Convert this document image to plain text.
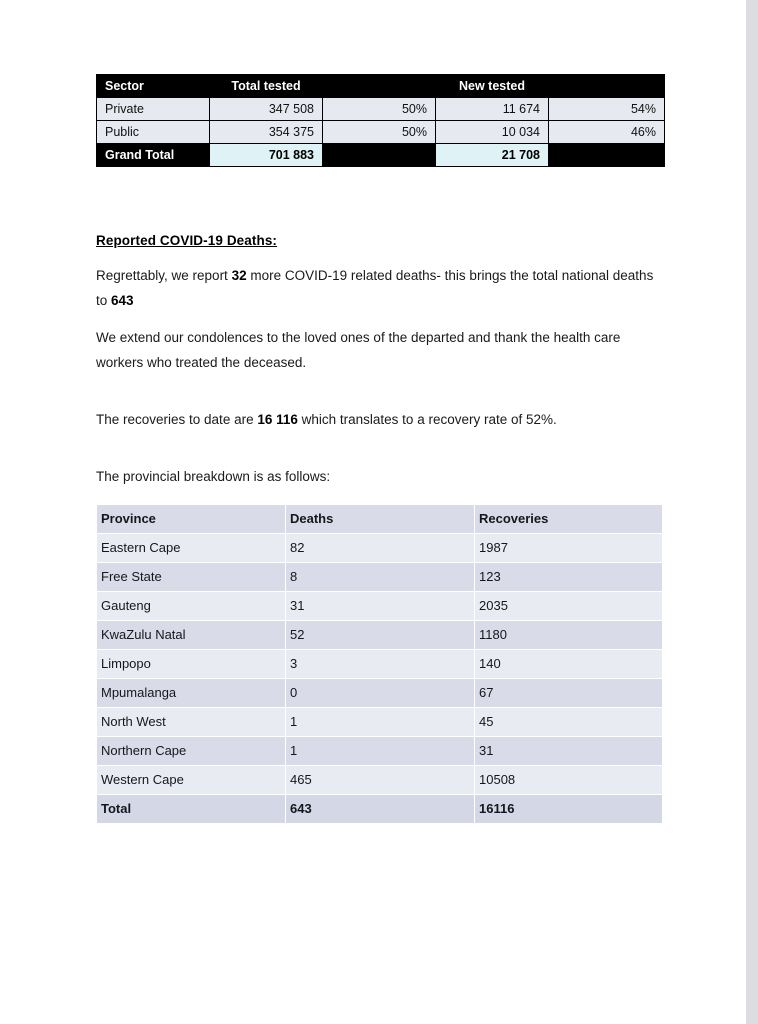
Sector	Total tested		New tested	
Private	347 508	50%	11 674	54%
Public	354 375	50%	10 034	46%
Grand Total	701 883		21 708	
Reported COVID-19 Deaths:

Regrettably, we report 32 more COVID-19 related deaths- this brings the total national deaths to 643

We extend our condolences to the loved ones of the departed and thank the health care workers who treated the deceased.

The recoveries to date are 16 116 which translates to a recovery rate of 52%.

The provincial breakdown is as follows:

Province	Deaths	Recoveries
Eastern Cape	82	1987
Free State	8	123
Gauteng	31	2035
KwaZulu Natal	52	1180
Limpopo	3	140
Mpumalanga	0	67
North West	1	45
Northern Cape	1	31
Western Cape	465	10508
Total	643	16116
